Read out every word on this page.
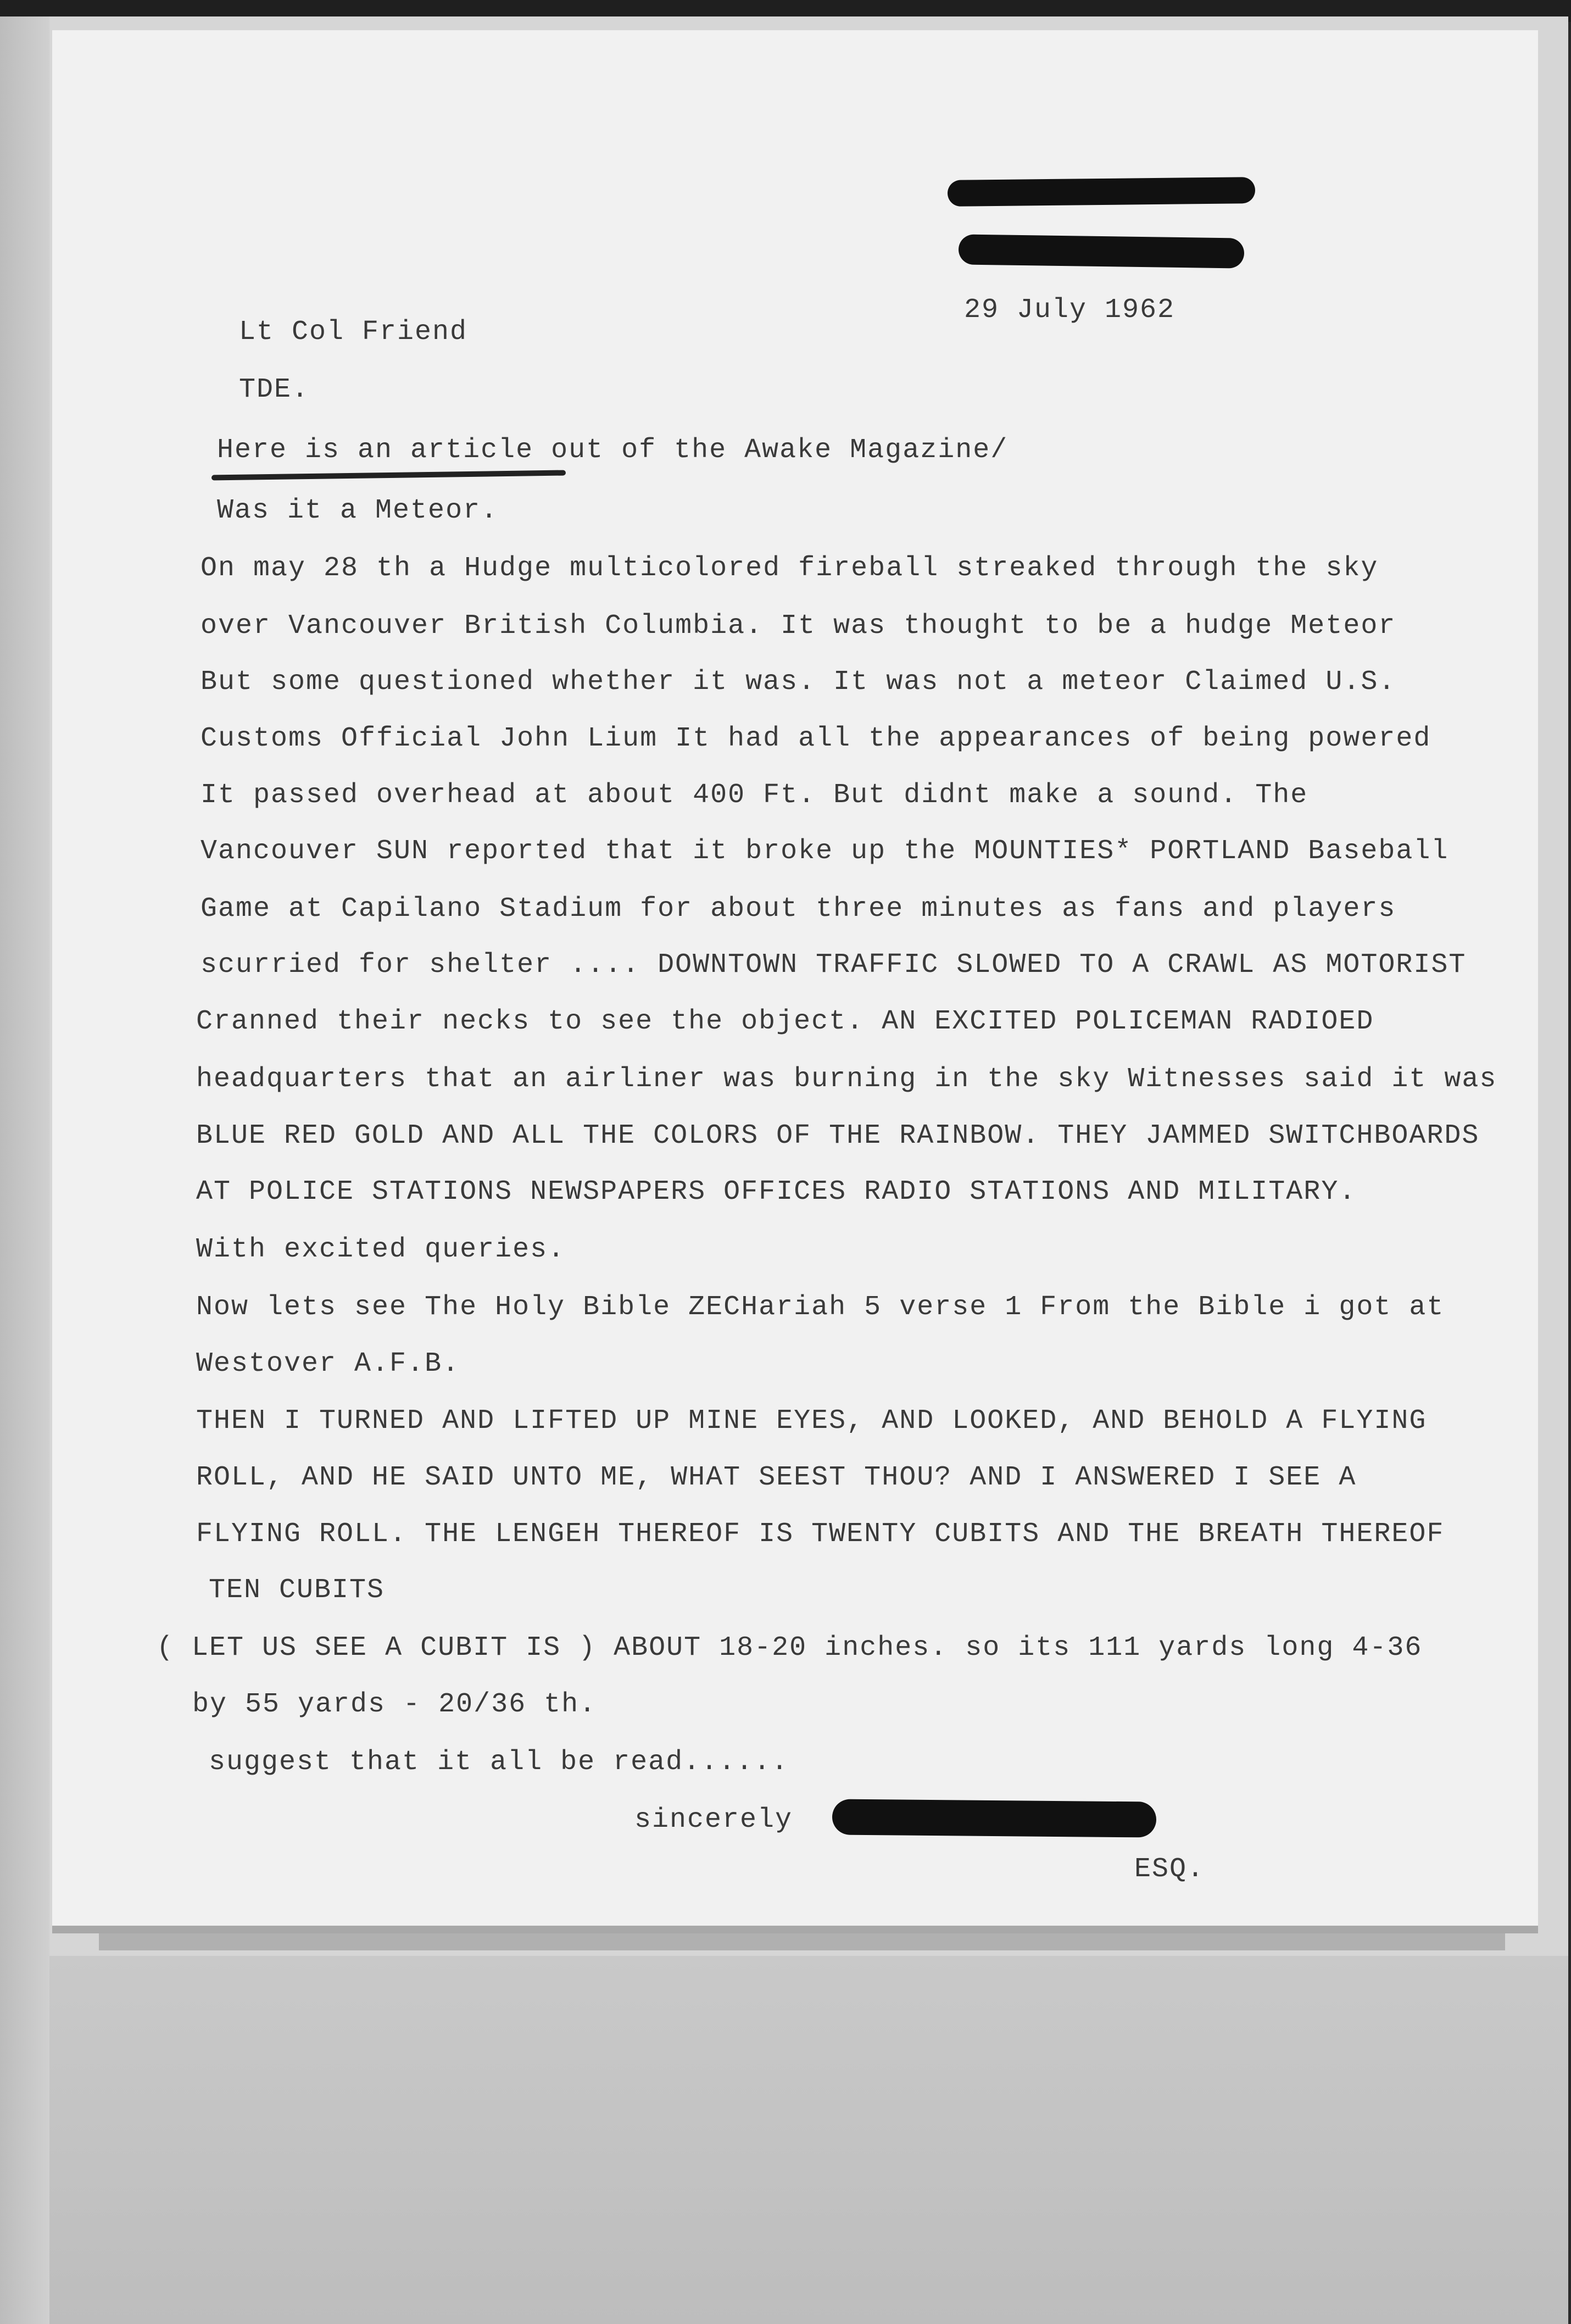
29 July 1962

Lt Col Friend

TDE.

Here is an article out of the Awake Magazine/

Was it a Meteor.

On may 28 th a Hudge multicolored fireball streaked through the sky

over Vancouver British Columbia. It was thought to be a hudge Meteor

But some questioned whether it was. It was not a meteor Claimed U.S.

Customs Official John Lium It had all the appearances of being powered

It passed overhead at about 400 Ft. But didnt make a sound. The

Vancouver SUN reported that it broke up the MOUNTIES* PORTLAND Baseball

Game at Capilano Stadium for about three minutes as fans and players

scurried for shelter .... DOWNTOWN TRAFFIC SLOWED TO A CRAWL AS MOTORIST

Cranned their necks to see the object. AN EXCITED POLICEMAN RADIOED

headquarters that an airliner was burning in the sky Witnesses said it was

BLUE RED GOLD AND ALL THE COLORS OF THE RAINBOW. THEY JAMMED SWITCHBOARDS

AT POLICE STATIONS NEWSPAPERS OFFICES RADIO STATIONS AND MILITARY.

With excited queries.

Now lets see The Holy Bible ZECHariah 5 verse 1 From the Bible i got at

Westover A.F.B.

THEN I TURNED AND LIFTED UP MINE EYES, AND LOOKED, AND BEHOLD A FLYING

ROLL, AND HE SAID UNTO ME, WHAT SEEST THOU? AND I ANSWERED I SEE A

FLYING ROLL. THE LENGEH THEREOF IS TWENTY CUBITS AND THE BREATH THEREOF

TEN CUBITS

( LET US SEE A CUBIT IS ) ABOUT 18-20 inches. so its 111 yards long 4-36

by 55 yards - 20/36 th.

suggest that it all be read......

sincerely

ESQ.
